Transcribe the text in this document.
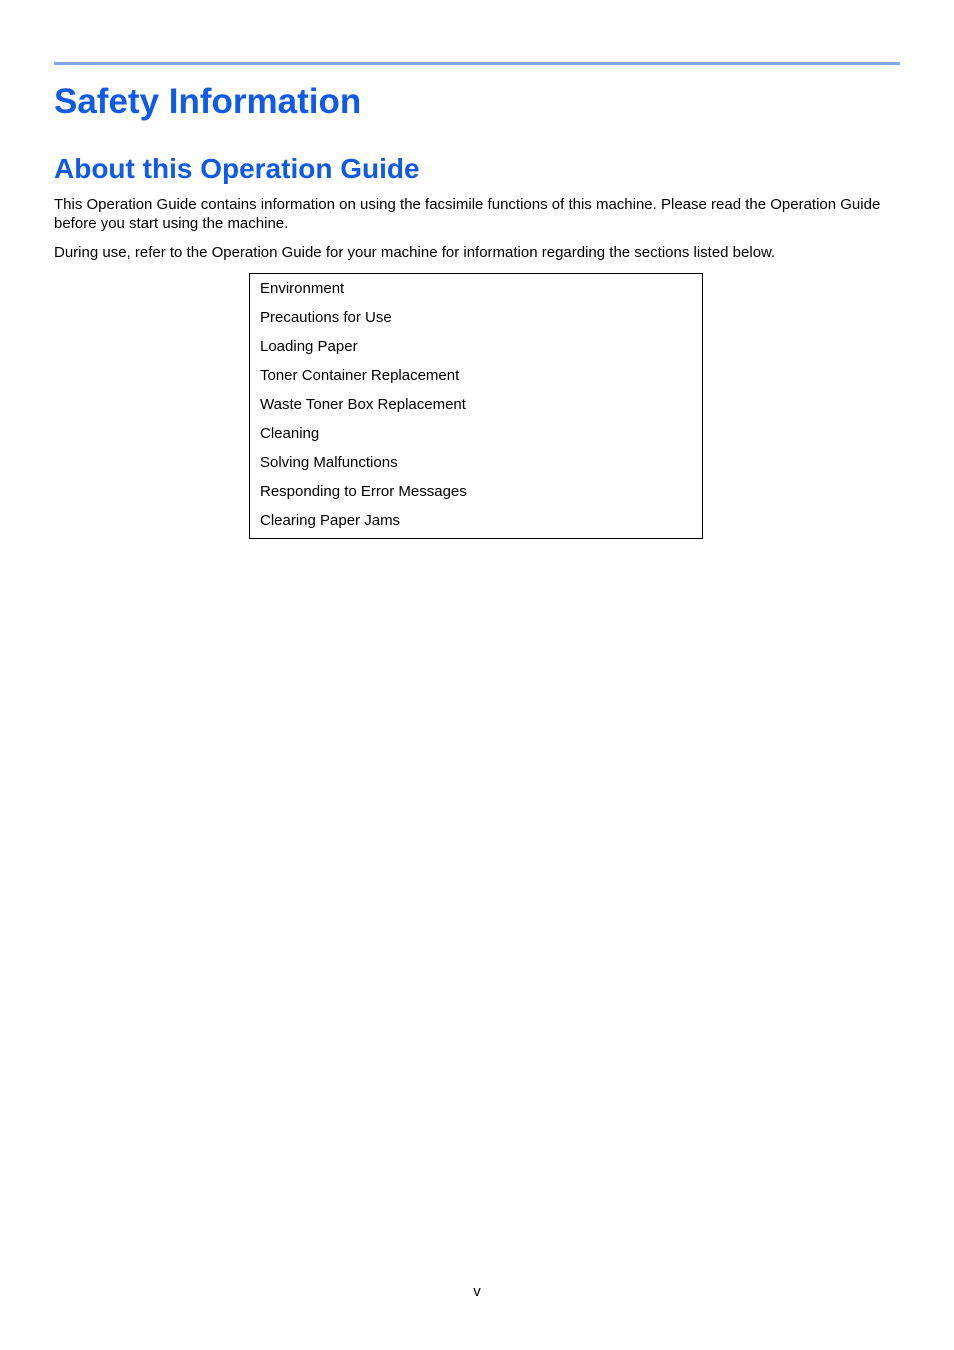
Safety Information
About this Operation Guide

This Operation Guide contains information on using the facsimile functions of this machine. Please read the Operation Guide before you start using the machine.

During use, refer to the Operation Guide for your machine for information regarding the sections listed below.

Environment
Precautions for Use
Loading Paper
Toner Container Replacement
Waste Toner Box Replacement
Cleaning
Solving Malfunctions
Responding to Error Messages
Clearing Paper Jams
v
